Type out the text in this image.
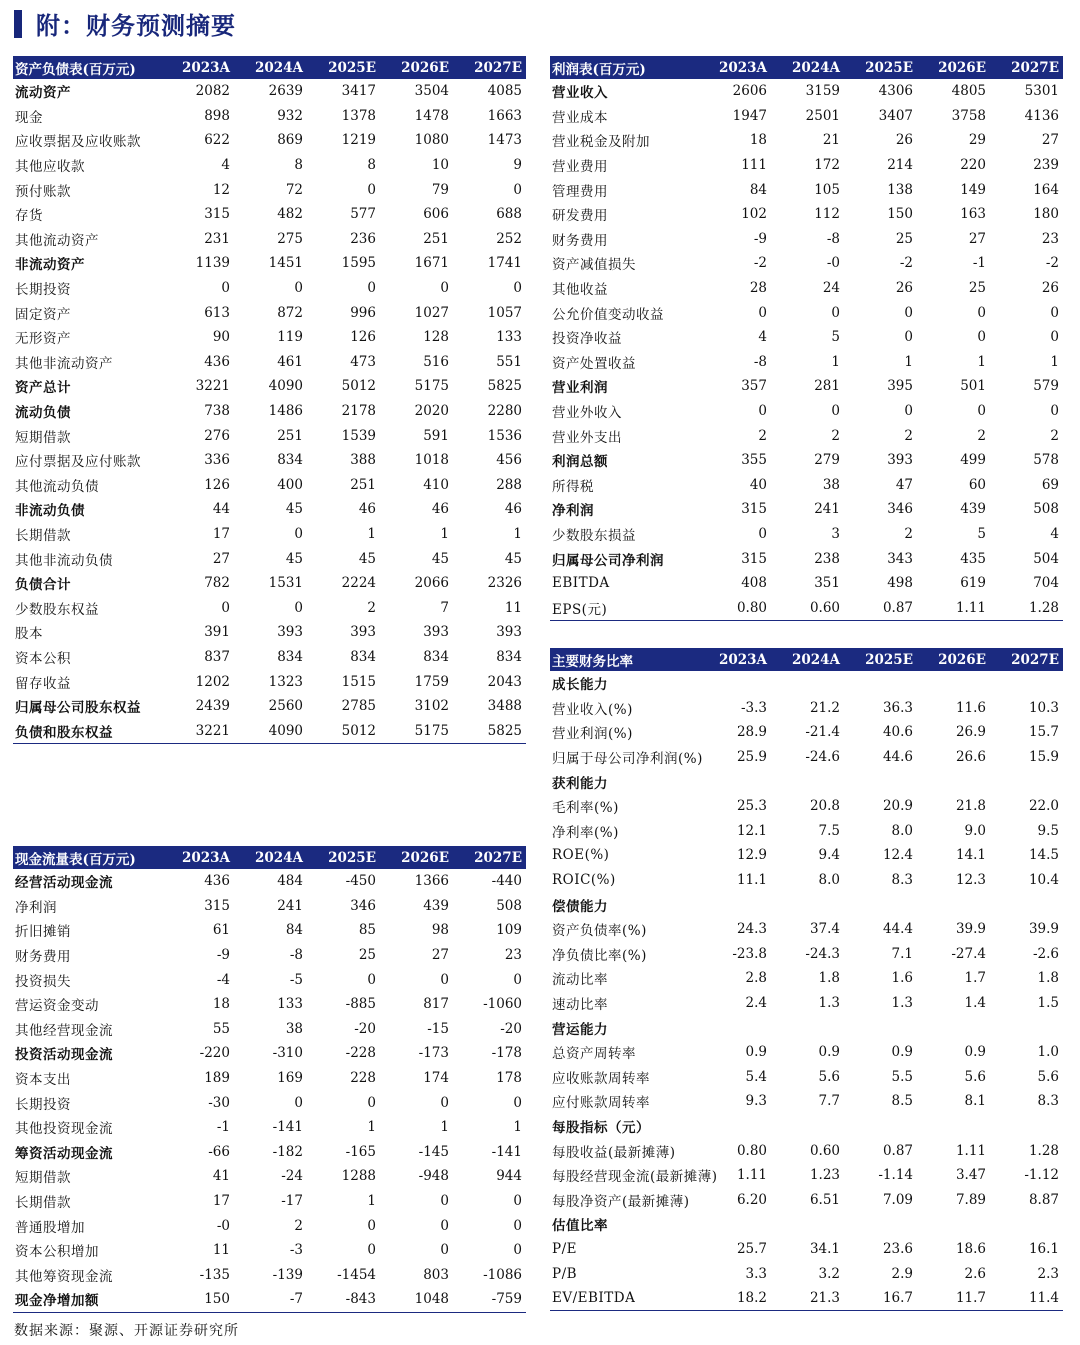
附：财务预测摘要
资产负债表(百万元)	2023A	2024A	2025E	2026E	2027E
流动资产	2082	2639	3417	3504	4085
现金	898	932	1378	1478	1663
应收票据及应收账款	622	869	1219	1080	1473
其他应收款	4	8	8	10	9
预付账款	12	72	0	79	0
存货	315	482	577	606	688
其他流动资产	231	275	236	251	252
非流动资产	1139	1451	1595	1671	1741
长期投资	0	0	0	0	0
固定资产	613	872	996	1027	1057
无形资产	90	119	126	128	133
其他非流动资产	436	461	473	516	551
资产总计	3221	4090	5012	5175	5825
流动负债	738	1486	2178	2020	2280
短期借款	276	251	1539	591	1536
应付票据及应付账款	336	834	388	1018	456
其他流动负债	126	400	251	410	288
非流动负债	44	45	46	46	46
长期借款	17	0	1	1	1
其他非流动负债	27	45	45	45	45
负债合计	782	1531	2224	2066	2326
少数股东权益	0	0	2	7	11
股本	391	393	393	393	393
资本公积	837	834	834	834	834
留存收益	1202	1323	1515	1759	2043
归属母公司股东权益	2439	2560	2785	3102	3488
负债和股东权益	3221	4090	5012	5175	5825
利润表(百万元)	2023A	2024A	2025E	2026E	2027E
营业收入	2606	3159	4306	4805	5301
营业成本	1947	2501	3407	3758	4136
营业税金及附加	18	21	26	29	27
营业费用	111	172	214	220	239
管理费用	84	105	138	149	164
研发费用	102	112	150	163	180
财务费用	-9	-8	25	27	23
资产减值损失	-2	-0	-2	-1	-2
其他收益	28	24	26	25	26
公允价值变动收益	0	0	0	0	0
投资净收益	4	5	0	0	0
资产处置收益	-8	1	1	1	1
营业利润	357	281	395	501	579
营业外收入	0	0	0	0	0
营业外支出	2	2	2	2	2
利润总额	355	279	393	499	578
所得税	40	38	47	60	69
净利润	315	241	346	439	508
少数股东损益	0	3	2	5	4
归属母公司净利润	315	238	343	435	504
EBITDA	408	351	498	619	704
EPS(元)	0.80	0.60	0.87	1.11	1.28
主要财务比率	2023A	2024A	2025E	2026E	2027E
成长能力					
营业收入(%)	-3.3	21.2	36.3	11.6	10.3
营业利润(%)	28.9	-21.4	40.6	26.9	15.7
归属于母公司净利润(%)	25.9	-24.6	44.6	26.6	15.9
获利能力					
毛利率(%)	25.3	20.8	20.9	21.8	22.0
净利率(%)	12.1	7.5	8.0	9.0	9.5
ROE(%)	12.9	9.4	12.4	14.1	14.5
ROIC(%)	11.1	8.0	8.3	12.3	10.4
偿债能力					
资产负债率(%)	24.3	37.4	44.4	39.9	39.9
净负债比率(%)	-23.8	-24.3	7.1	-27.4	-2.6
流动比率	2.8	1.8	1.6	1.7	1.8
速动比率	2.4	1.3	1.3	1.4	1.5
营运能力					
总资产周转率	0.9	0.9	0.9	0.9	1.0
应收账款周转率	5.4	5.6	5.5	5.6	5.6
应付账款周转率	9.3	7.7	8.5	8.1	8.3
每股指标（元）					
每股收益(最新摊薄)	0.80	0.60	0.87	1.11	1.28
每股经营现金流(最新摊薄)	1.11	1.23	-1.14	3.47	-1.12
每股净资产(最新摊薄)	6.20	6.51	7.09	7.89	8.87
估值比率					
P/E	25.7	34.1	23.6	18.6	16.1
P/B	3.3	3.2	2.9	2.6	2.3
EV/EBITDA	18.2	21.3	16.7	11.7	11.4
现金流量表(百万元)	2023A	2024A	2025E	2026E	2027E
经营活动现金流	436	484	-450	1366	-440
净利润	315	241	346	439	508
折旧摊销	61	84	85	98	109
财务费用	-9	-8	25	27	23
投资损失	-4	-5	0	0	0
营运资金变动	18	133	-885	817	-1060
其他经营现金流	55	38	-20	-15	-20
投资活动现金流	-220	-310	-228	-173	-178
资本支出	189	169	228	174	178
长期投资	-30	0	0	0	0
其他投资现金流	-1	-141	1	1	1
筹资活动现金流	-66	-182	-165	-145	-141
短期借款	41	-24	1288	-948	944
长期借款	17	-17	1	0	0
普通股增加	-0	2	0	0	0
资本公积增加	11	-3	0	0	0
其他筹资现金流	-135	-139	-1454	803	-1086
现金净增加额	150	-7	-843	1048	-759
数据来源：聚源、开源证券研究所
